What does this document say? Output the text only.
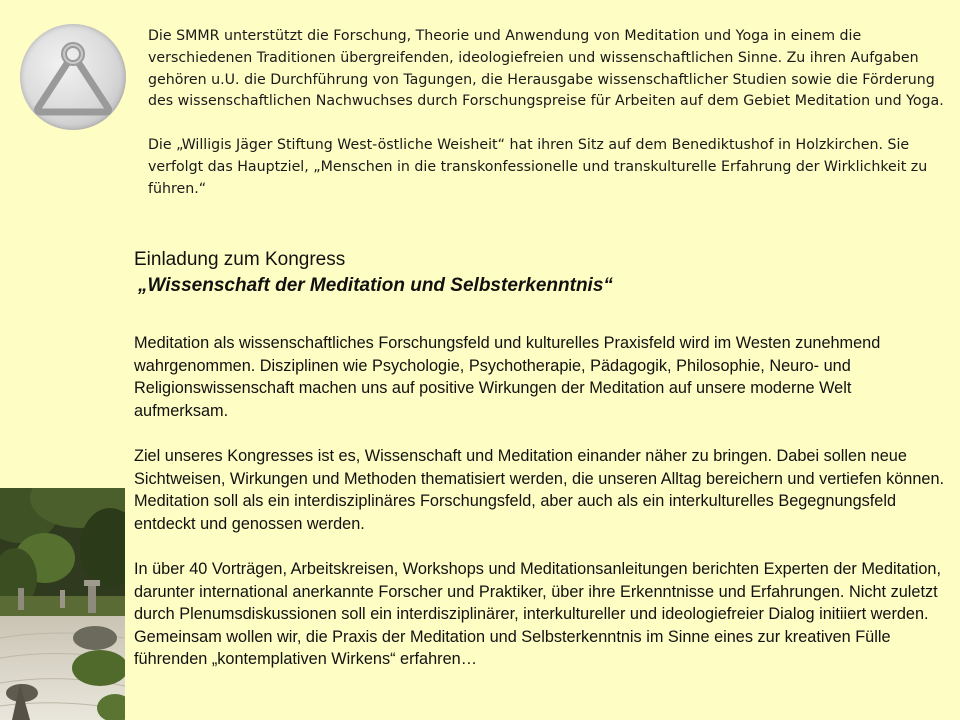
Die SMMR unterstützt die Forschung, Theorie und Anwendung von Meditation und Yoga in einem die verschiedenen Traditionen übergreifenden, ideologiefreien und wissenschaftlichen Sinne. Zu ihren Aufgaben gehören u.U. die Durchführung von Tagungen, die Herausgabe wissenschaftlicher Studien sowie die Förderung des wissenschaftlichen Nachwuchses durch Forschungspreise für Arbeiten auf dem Gebiet Meditation und Yoga.

Die „Willigis Jäger Stiftung West-östliche Weisheit“ hat ihren Sitz auf dem Benediktushof in Holzkirchen. Sie verfolgt das Hauptziel, „Menschen in die transkonfessionelle und transkulturelle Erfahrung der Wirklichkeit zu führen.“

Einladung zum Kongress
„Wissenschaft der Meditation und Selbsterkenntnis“

Meditation als wissenschaftliches Forschungsfeld und kulturelles Praxisfeld wird im Westen zunehmend wahrgenommen. Disziplinen wie Psychologie, Psychotherapie, Pädagogik, Philosophie, Neuro- und Religionswissenschaft machen uns auf positive Wirkungen der Meditation auf unsere moderne Welt aufmerksam.

Ziel unseres Kongresses ist es, Wissenschaft und Meditation einander näher zu bringen. Dabei sollen neue Sichtweisen, Wirkungen und Methoden thematisiert werden, die unseren Alltag bereichern und vertiefen können. Meditation soll als ein interdisziplinäres Forschungsfeld, aber auch als ein interkulturelles Begegnungsfeld entdeckt und genossen werden.

In über 40 Vorträgen, Arbeitskreisen, Workshops und Meditationsanleitungen berichten Experten der Meditation, darunter international anerkannte Forscher und Praktiker, über ihre Erkenntnisse und Erfahrungen. Nicht zuletzt durch Plenumsdiskussionen soll ein interdisziplinärer, interkultureller und ideologiefreier Dialog initiiert werden.

Gemeinsam wollen wir, die Praxis der Meditation und Selbsterkenntnis im Sinne eines zur kreativen Fülle führenden „kontemplativen Wirkens“ erfahren…
